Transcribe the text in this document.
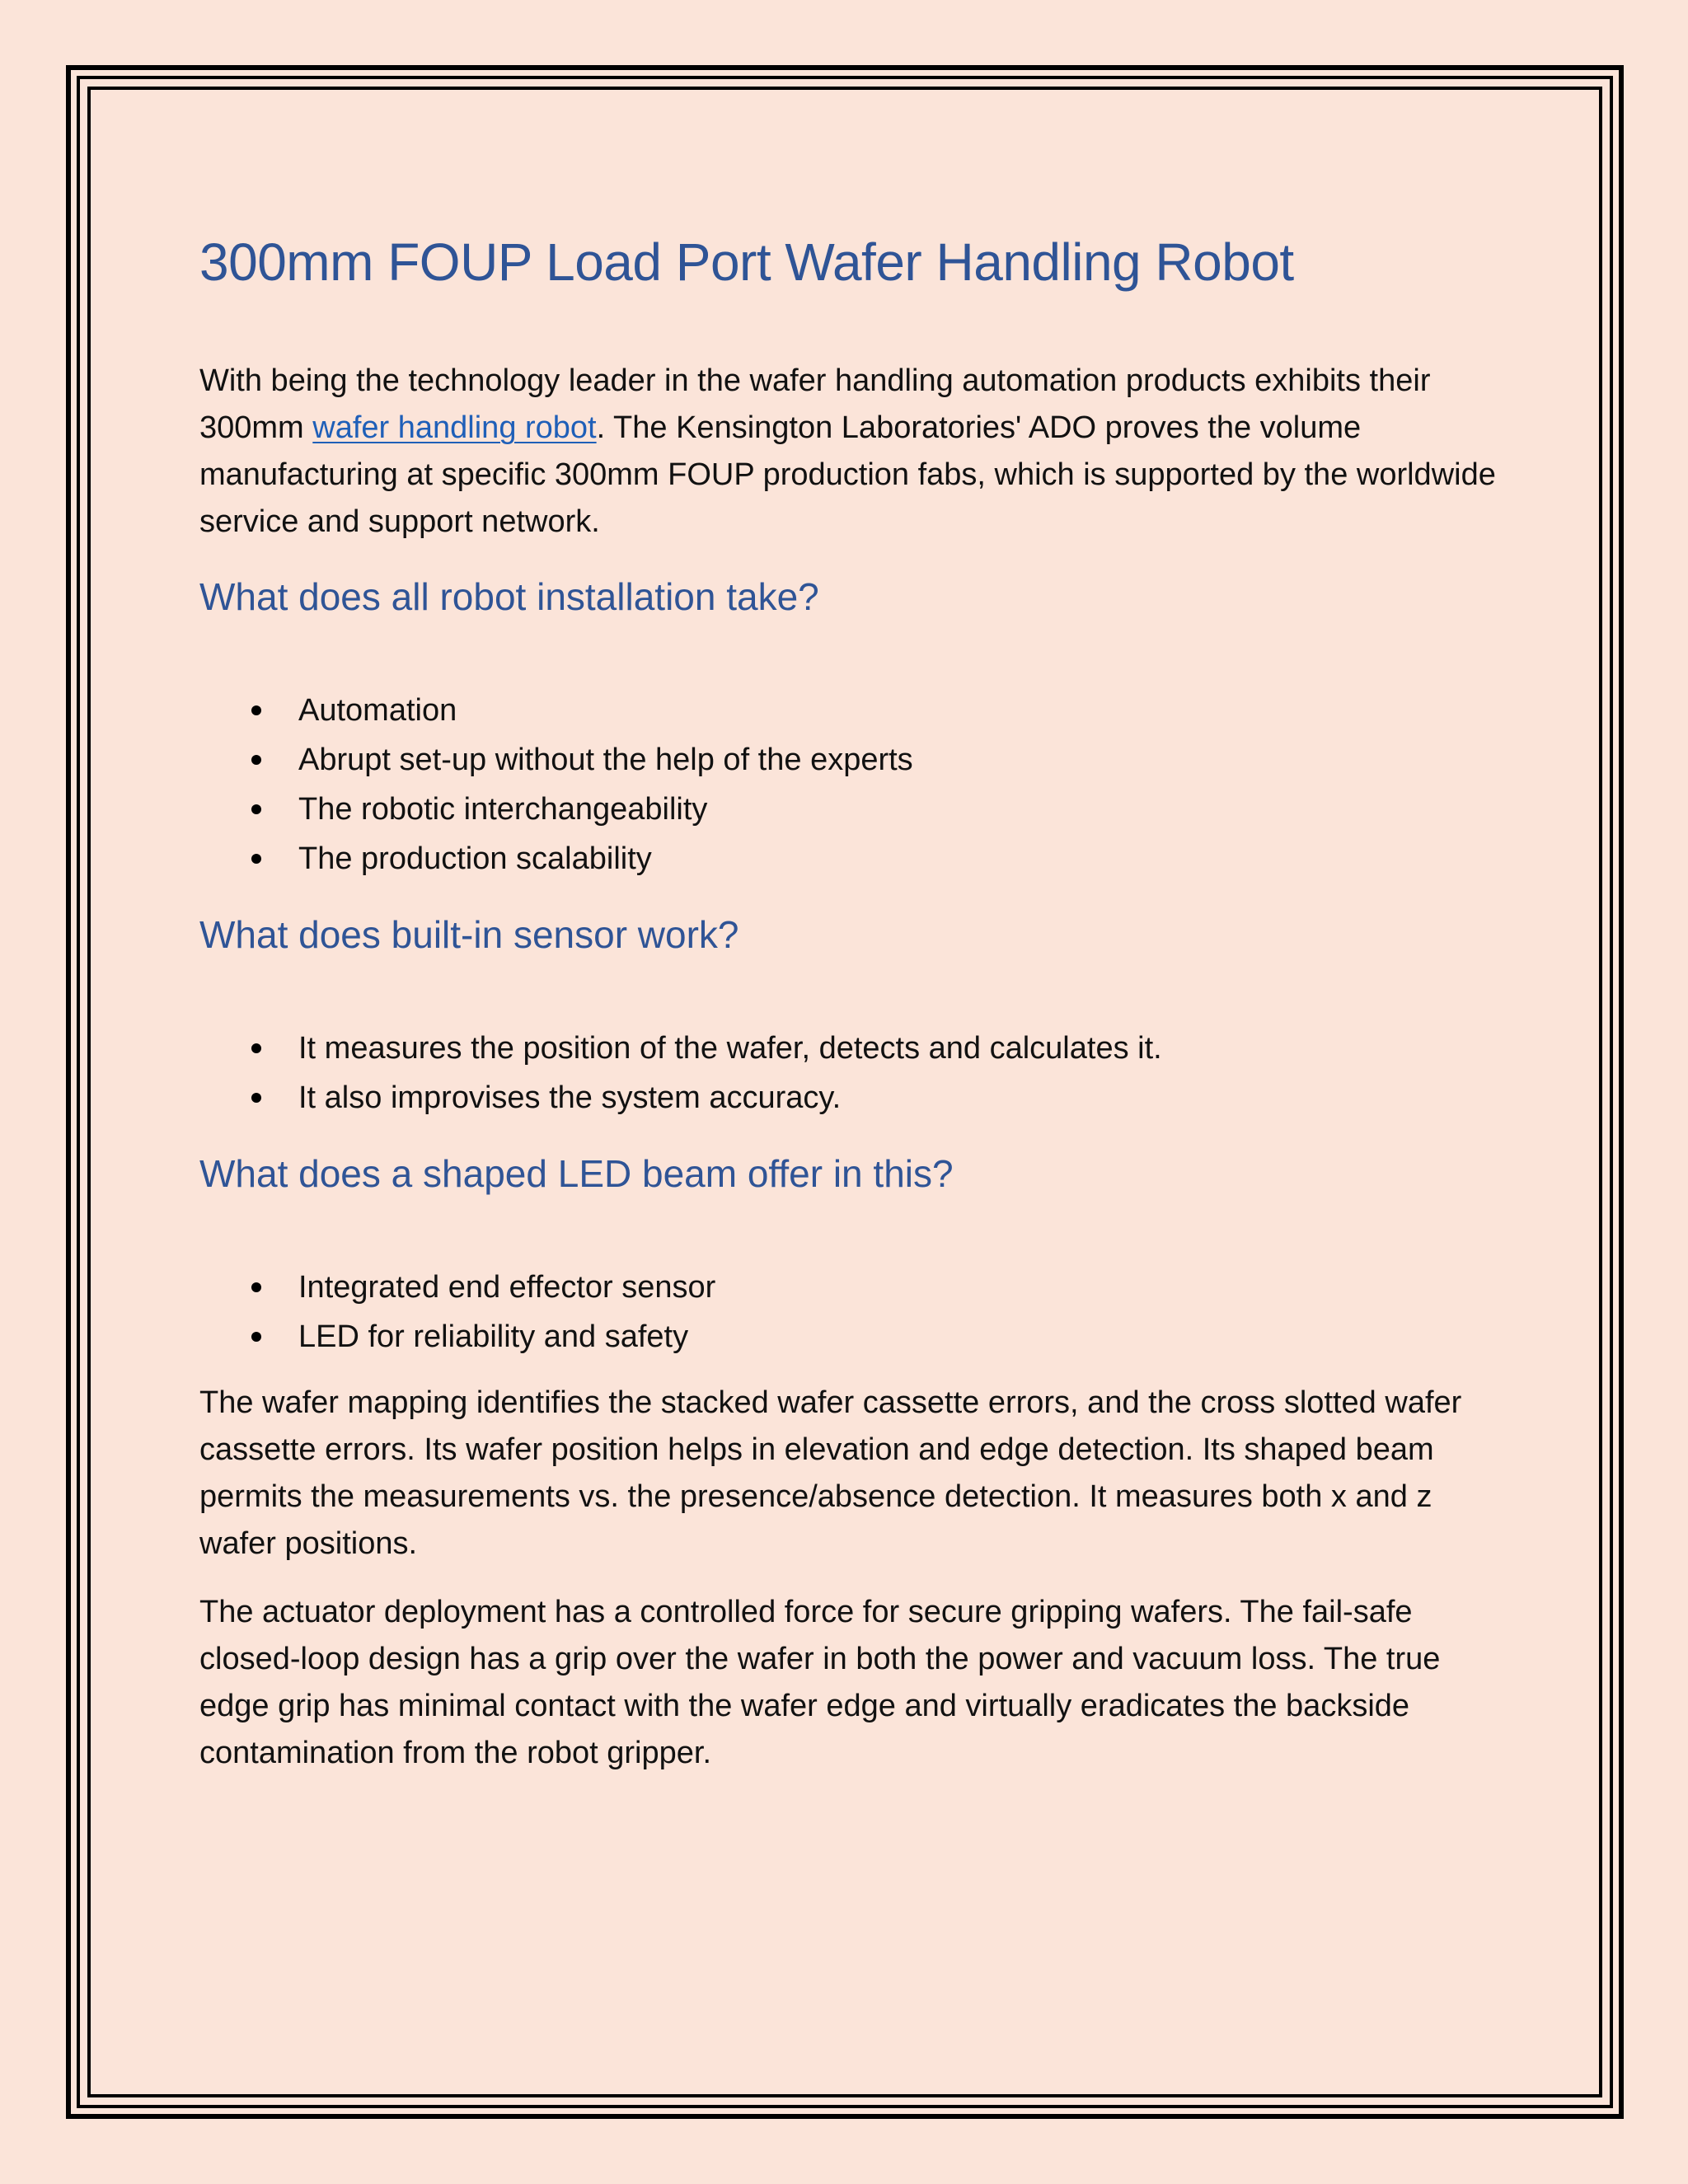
300mm FOUP Load Port Wafer Handling Robot

With being the technology leader in the wafer handling automation products exhibits their 300mm wafer handling robot. The Kensington Laboratories' ADO proves the volume manufacturing at specific 300mm FOUP production fabs, which is supported by the worldwide service and support network.

What does all robot installation take?
Automation
Abrupt set-up without the help of the experts
The robotic interchangeability
The production scalability
What does built-in sensor work?
It measures the position of the wafer, detects and calculates it.
It also improvises the system accuracy.
What does a shaped LED beam offer in this?
Integrated end effector sensor
LED for reliability and safety

The wafer mapping identifies the stacked wafer cassette errors, and the cross slotted wafer cassette errors. Its wafer position helps in elevation and edge detection. Its shaped beam permits the measurements vs. the presence/absence detection. It measures both x and z wafer positions.

The actuator deployment has a controlled force for secure gripping wafers. The fail-safe closed-loop design has a grip over the wafer in both the power and vacuum loss. The true edge grip has minimal contact with the wafer edge and virtually eradicates the backside contamination from the robot gripper.
